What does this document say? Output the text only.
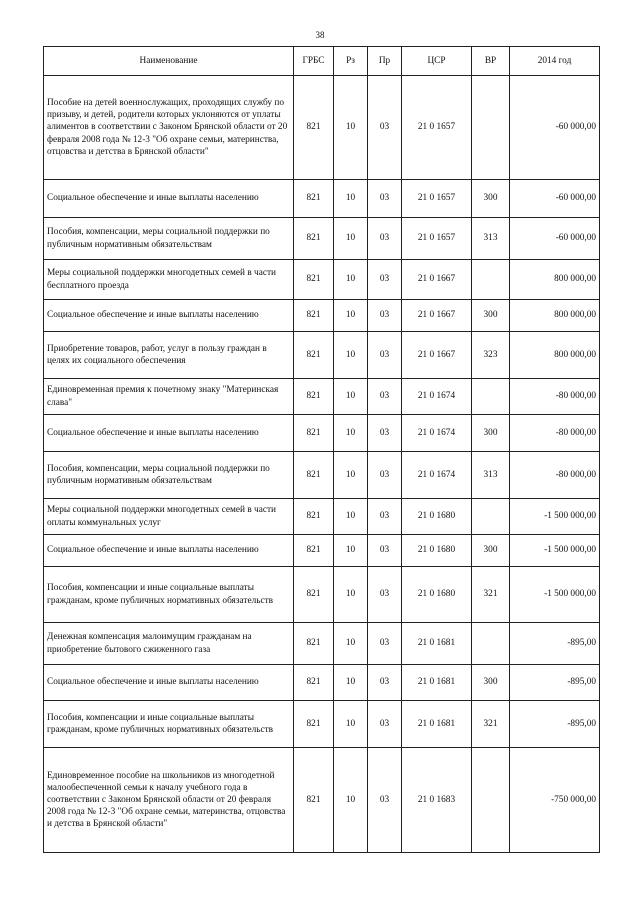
38
Наименование	ГРБС	Рз	Пр	ЦСР	ВР	2014 год
Пособие на детей военнослужащих, проходящих службу по призыву, и детей, родители которых уклоняются от уплаты алиментов в соответствии с Законом Брянской области от 20 февраля 2008 года № 12-3 "Об охране семьи, материнства, отцовства и детства в Брянской области"	821	10	03	21 0 1657		-60 000,00
Социальное обеспечение и иные выплаты населению	821	10	03	21 0 1657	300	-60 000,00
Пособия, компенсации, меры социальной поддержки по публичным нормативным обязательствам	821	10	03	21 0 1657	313	-60 000,00
Меры социальной поддержки многодетных семей в части бесплатного проезда	821	10	03	21 0 1667		800 000,00
Социальное обеспечение и иные выплаты населению	821	10	03	21 0 1667	300	800 000,00
Приобретение товаров, работ, услуг в пользу граждан в целях их социального обеспечения	821	10	03	21 0 1667	323	800 000,00
Единовременная премия к почетному знаку "Материнская слава"	821	10	03	21 0 1674		-80 000,00
Социальное обеспечение и иные выплаты населению	821	10	03	21 0 1674	300	-80 000,00
Пособия, компенсации, меры социальной поддержки по публичным нормативным обязательствам	821	10	03	21 0 1674	313	-80 000,00
Меры социальной поддержки многодетных семей в части оплаты коммунальных услуг	821	10	03	21 0 1680		-1 500 000,00
Социальное обеспечение и иные выплаты населению	821	10	03	21 0 1680	300	-1 500 000,00
Пособия, компенсации и иные социальные выплаты гражданам, кроме публичных нормативных обязательств	821	10	03	21 0 1680	321	-1 500 000,00
Денежная компенсация малоимущим гражданам на приобретение бытового сжиженного газа	821	10	03	21 0 1681		-895,00
Социальное обеспечение и иные выплаты населению	821	10	03	21 0 1681	300	-895,00
Пособия, компенсации и иные социальные выплаты гражданам, кроме публичных нормативных обязательств	821	10	03	21 0 1681	321	-895,00
Единовременное пособие на школьников из многодетной малообеспеченной семьи к началу учебного года в соответствии с Законом Брянской области от 20 февраля 2008 года № 12-3 "Об охране семьи, материнства, отцовства и детства в Брянской области"	821	10	03	21 0 1683		-750 000,00
